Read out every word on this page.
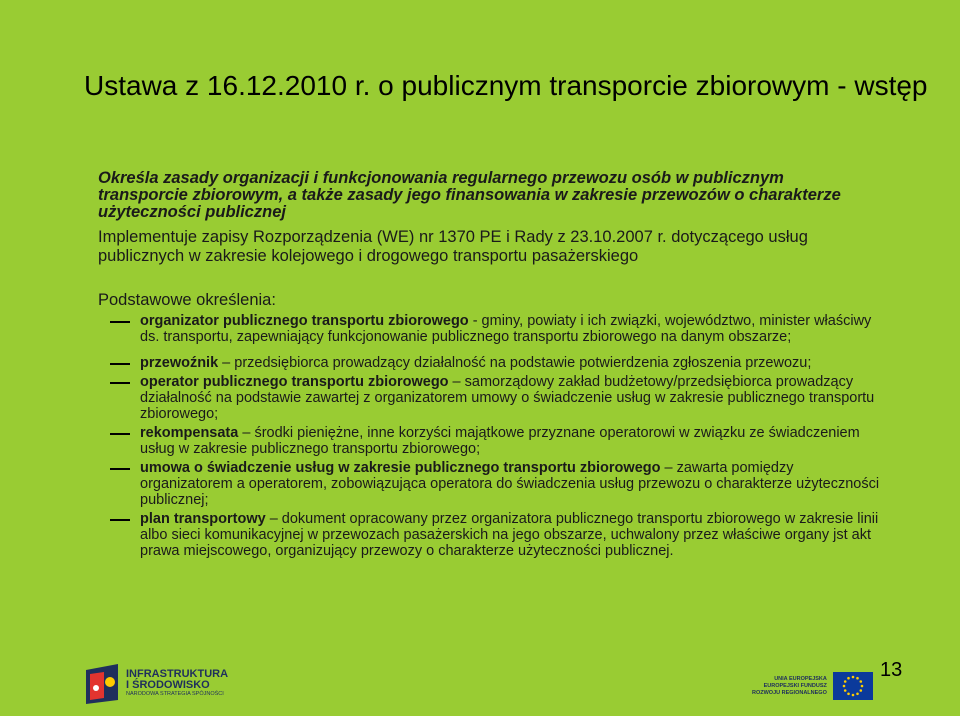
Ustawa z 16.12.2010 r. o publicznym transporcie zbiorowym - wstęp
Określa zasady organizacji i funkcjonowania regularnego przewozu osób w publicznym transporcie zbiorowym, a także zasady jego finansowania w zakresie przewozów o charakterze użyteczności publicznej
Implementuje zapisy Rozporządzenia (WE) nr 1370 PE i Rady z 23.10.2007 r. dotyczącego usług publicznych w zakresie kolejowego i drogowego transportu pasażerskiego
Podstawowe określenia:
organizator publicznego transportu zbiorowego - gminy, powiaty i ich związki, województwo, minister właściwy ds. transportu, zapewniający funkcjonowanie publicznego transportu zbiorowego na danym obszarze;
przewoźnik – przedsiębiorca prowadzący działalność na podstawie potwierdzenia zgłoszenia przewozu;
operator publicznego transportu zbiorowego – samorządowy zakład budżetowy/przedsiębiorca prowadzący działalność na podstawie zawartej z organizatorem umowy o świadczenie usług w zakresie publicznego transportu zbiorowego;
rekompensata – środki pieniężne, inne korzyści majątkowe przyznane operatorowi w związku ze świadczeniem usług w zakresie publicznego transportu zbiorowego;
umowa o świadczenie usług w zakresie publicznego transportu zbiorowego – zawarta pomiędzy organizatorem a operatorem, zobowiązująca operatora do świadczenia usług przewozu o charakterze użyteczności publicznej;
plan transportowy – dokument opracowany przez organizatora publicznego transportu zbiorowego w zakresie linii albo sieci komunikacyjnej w przewozach pasażerskich na jego obszarze, uchwalony przez właściwe organy jst akt prawa miejscowego, organizujący przewozy o charakterze użyteczności publicznej.
INFRASTRUKTURA
I ŚRODOWISKO
NARODOWA STRATEGIA SPÓJNOŚCI
UNIA EUROPEJSKA
EUROPEJSKI FUNDUSZ
ROZWOJU REGIONALNEGO
13
